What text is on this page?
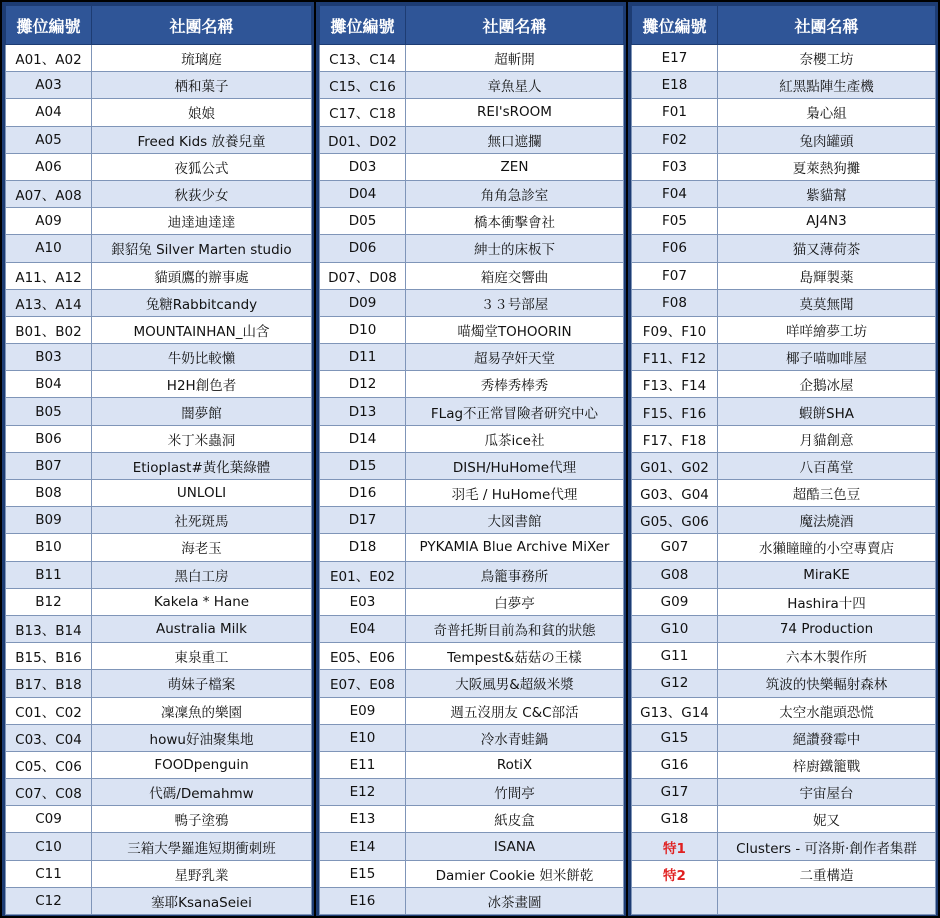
攤位編號	社團名稱
A01、A02	琉璃庭
A03	栖和菓子
A04	娘娘
A05	Freed Kids 放養兒童
A06	夜狐公式
A07、A08	秋荻少女
A09	迪達迪達達
A10	銀貂兔 Silver Marten studio
A11、A12	貓頭鷹的辦事處
A13、A14	兔糖Rabbitcandy
B01、B02	MOUNTAINHAN_山含
B03	牛奶比較懶
B04	H2H創色者
B05	闇夢館
B06	米丁米蟲洞
B07	Etioplast#黃化葉綠體
B08	UNLOLI
B09	社死斑馬
B10	海老玉
B11	黑白工房
B12	Kakela * Hane
B13、B14	Australia Milk
B15、B16	東泉重工
B17、B18	萌妹子檔案
C01、C02	凜凜魚的樂園
C03、C04	howu好油聚集地
C05、C06	FOODpenguin
C07、C08	代碼/Demahmw
C09	鴨子塗鴉
C10	三箱大學羅進短期衝刺班
C11	星野乳業
C12	塞耶KsanaSeiei
攤位編號	社團名稱
C13、C14	超斬開
C15、C16	章魚星人
C17、C18	REI'sROOM
D01、D02	無口遮攔
D03	ZEN
D04	角角急診室
D05	橋本衝擊會社
D06	紳士的床板下
D07、D08	箱庭交響曲
D09	３３号部屋
D10	喵燭堂TOHOORIN
D11	超易孕奸天堂
D12	秀棒秀棒秀
D13	FLag不正常冒險者研究中心
D14	瓜茶ice社
D15	DISH/HuHome代理
D16	羽毛 / HuHome代理
D17	大図書館
D18	PYKAMIA Blue Archive MiXer
E01、E02	鳥籠事務所
E03	白夢亭
E04	奇普托斯目前為和貧的狀態
E05、E06	Tempest&菇菇の王樣
E07、E08	大阪風男&超級米漿
E09	週五沒朋友 C&C部活
E10	冷水青蛙鍋
E11	RotiX
E12	竹間亭
E13	紙皮盒
E14	ISANA
E15	Damier Cookie 妲米餅乾
E16	冰茶畫圖
攤位編號	社團名稱
E17	奈櫻工坊
E18	紅黑點陣生產機
F01	梟心組
F02	兔肉罐頭
F03	夏萊熱狗攤
F04	紫貓幫
F05	AJ4N3
F06	猫又薄荷茶
F07	島輝製薬
F08	莫莫無聞
F09、F10	咩咩繪夢工坊
F11、F12	椰子喵咖啡屋
F13、F14	企鵝冰屋
F15、F16	蝦餅SHA
F17、F18	月貓創意
G01、G02	八百萬堂
G03、G04	超酷三色豆
G05、G06	魔法燒酒
G07	水獺瞳瞳的小空專賣店
G08	MiraKE
G09	Hashira十四
G10	74 Production
G11	六本木製作所
G12	筑波的快樂輻射森林
G13、G14	太空水龍頭恐慌
G15	絕讚發霉中
G16	梓廚鐵籠戰
G17	宇宙屋台
G18	妮又
特1	Clusters - 可洛斯·創作者集群
特2	二重構造
